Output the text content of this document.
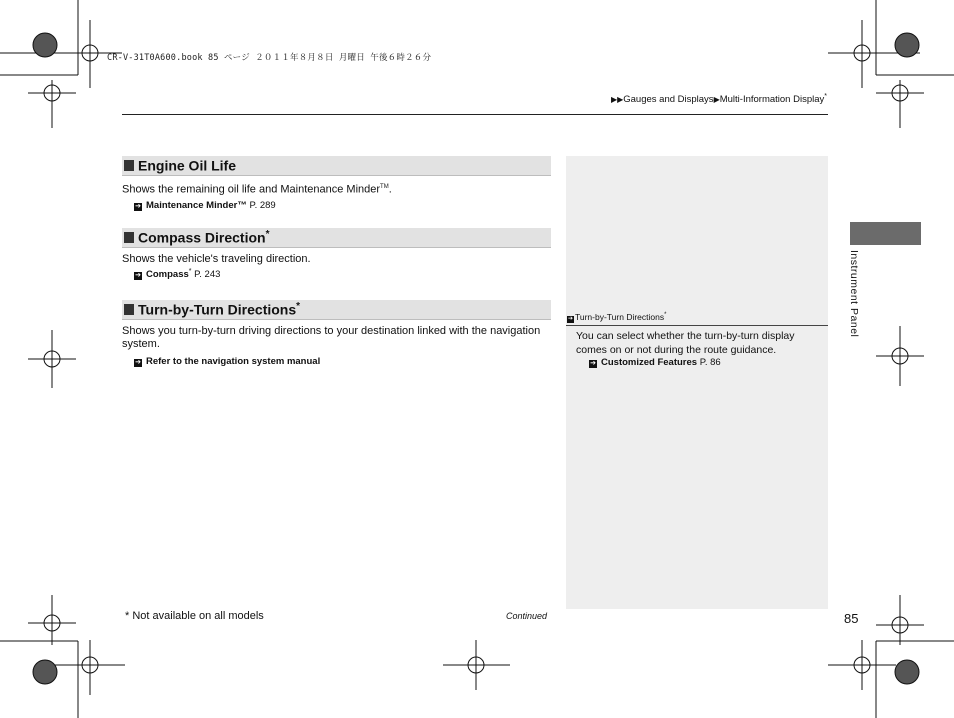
CR-V-31T0A600.book 85 ページ ２０１１年８月８日 月曜日 午後６時２６分
▶▶Gauges and Displays▶Multi-Information Display*
Engine Oil Life
Shows the remaining oil life and Maintenance Minder™.
➔ Maintenance Minder™ P. 289
Compass Direction*
Shows the vehicle's traveling direction.
➔ Compass* P. 243
Turn-by-Turn Directions*
Shows you turn-by-turn driving directions to your destination linked with the navigation system.
➔ Refer to the navigation system manual
➔ Turn-by-Turn Directions*
You can select whether the turn-by-turn display comes on or not during the route guidance.
➔ Customized Features P. 86
Instrument Panel
* Not available on all models	Continued	85
